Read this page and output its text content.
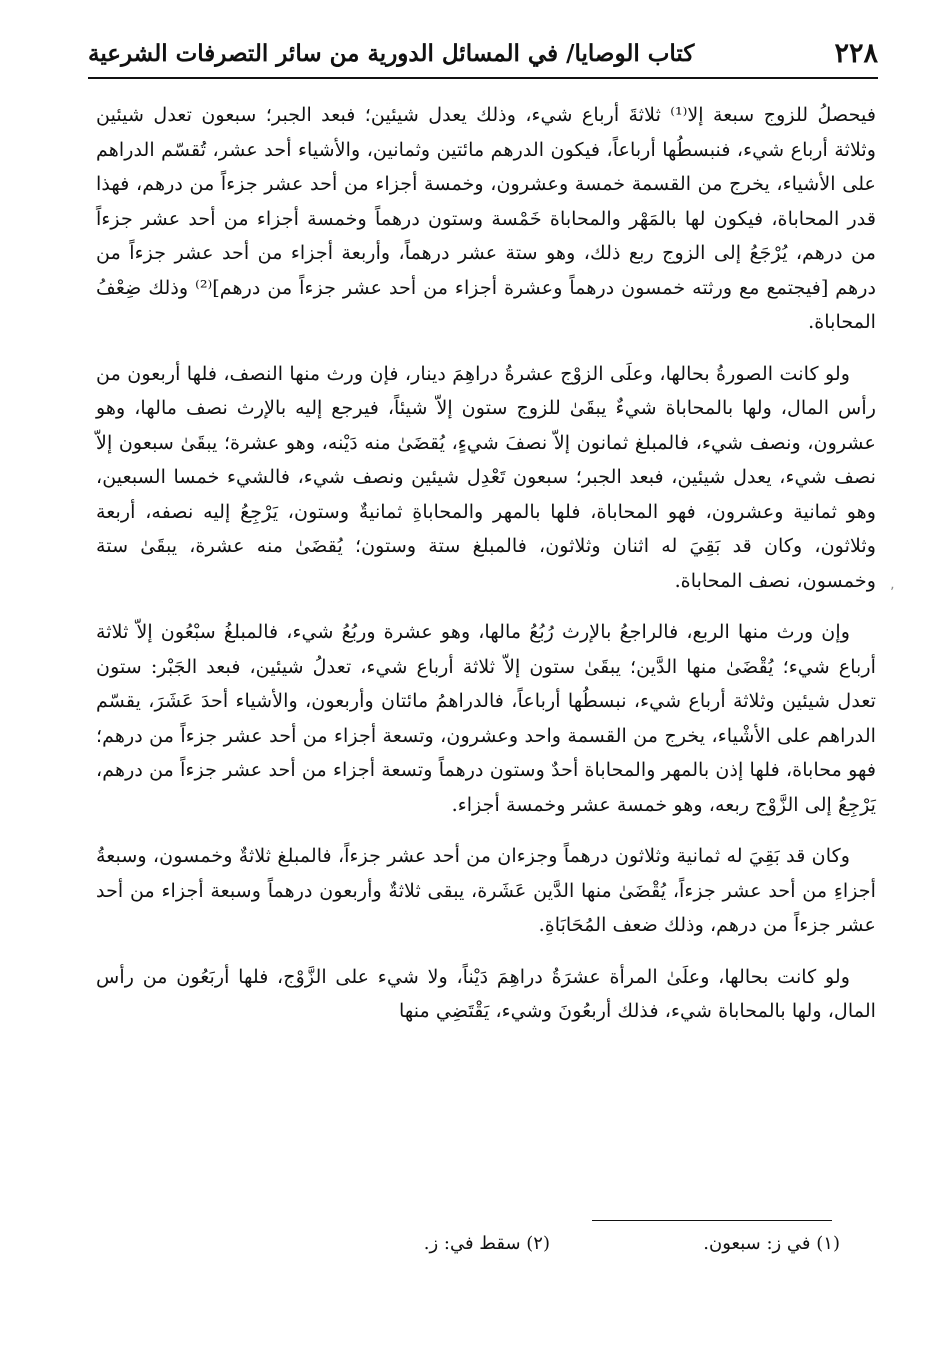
٢٢٨
كتاب الوصايا/ في المسائل الدورية من سائر التصرفات الشرعية

فيحصلُ للزوج سبعة إلا⁽¹⁾ ثلاثةَ أرباع شيء، وذلك يعدل شيئين؛ فبعد الجبر؛ سبعون تعدل شيئين وثلاثة أرباع شيء، فنبسطُها أرباعاً، فيكون الدرهم مائتين وثمانين، والأشياء أحد عشر، تُقسّم الدراهم على الأشياء، يخرج من القسمة خمسة وعشرون، وخمسة أجزاء من أحد عشر جزءاً من درهم، فهذا قدر المحاباة، فيكون لها بالمَهْر والمحاباة خَمْسة وستون درهماً وخمسة أجزاء من أحد عشر جزءاً من درهم، يُرْجَعُ إلى الزوج ربع ذلك، وهو ستة عشر درهماً، وأربعة أجزاء من أحد عشر جزءاً من درهم [فيجتمع مع ورثته خمسون درهماً وعشرة أجزاء من أحد عشر جزءاً من درهم]⁽²⁾ وذلك ضِعْفُ المحاباة.

ولو كانت الصورةُ بحالها، وعلَى الزوْج عشرةُ دراهِمَ دينار، فإن ورث منها النصف، فلها أربعون من رأس المال، ولها بالمحاباة شيءٌ يبقَىٰ للزوج ستون إلاّ شيئاً، فيرجع إليه بالإرث نصف مالها، وهو عشرون، ونصف شيء، فالمبلغ ثمانون إلاّ نصفَ شيءٍ، يُقضَىٰ منه دَيْنه، وهو عشرة؛ يبقَىٰ سبعون إلاّ نصف شيء، يعدل شيئين، فبعد الجبر؛ سبعون تَعْدِل شيئين ونصف شيء، فالشيء خمسا السبعين، وهو ثمانية وعشرون، فهو المحاباة، فلها بالمهر والمحاباةِ ثمانيةٌ وستون، يَرْجِعُ إليه نصفه، أربعة وثلاثون، وكان قد بَقِيَ له اثنان وثلاثون، فالمبلغ ستة وستون؛ يُقضَىٰ منه عشرة، يبقَىٰ ستة وخمسون، نصف المحاباة.

وإن ورث منها الربع، فالراجعُ بالإرث رُبُعُ مالها، وهو عشرة وربُعُ شيء، فالمبلغُ سبْعُون إلاّ ثلاثة أرباع شيء؛ يُقْضَىٰ منها الدَّين؛ يبقَىٰ ستون إلاّ ثلاثة أرباع شيء، تعدلُ شيئين، فبعد الجَبْر: ستون تعدل شيئين وثلاثة أرباع شيء، نبسطُها أرباعاً، فالدراهمُ مائتان وأربعون، والأشياء أحدَ عَشَرَ، يقسّم الدراهم على الأشْياء، يخرج من القسمة واحد وعشرون، وتسعة أجزاء من أحد عشر جزءاً من درهم؛ فهو محاباة، فلها إذن بالمهر والمحاباة أحدٌ وستون درهماً وتسعة أجزاء من أحد عشر جزءاً من درهم، يَرْجِعُ إلى الزَّوْج ربعه، وهو خمسة عشر وخمسة أجزاء.

وكان قد بَقِيَ له ثمانية وثلاثون درهماً وجزءان من أحد عشر جزءاً، فالمبلغ ثلاثةٌ وخمسون، وسبعةُ أجزاءِ من أحد عشر جزءاً، يُقْضَىٰ منها الدَّين عَشَرة، يبقى ثلاثةٌ وأربعون درهماً وسبعة أجزاء من أحد عشر جزءاً من درهم، وذلك ضعف المُحَابَاةِ.

ولو كانت بحالها، وعلَىٰ المرأة عشرَةُ دراهِمَ دَيْناً، ولا شيء على الزَّوْج، فلها أربَعُون من رأس المال، ولها بالمحاباة شيء، فذلك أربعُونَ وشيء، يَقْتَضِي منها

(١) في ز: سبعون.
(٢) سقط في: ز.
٬
